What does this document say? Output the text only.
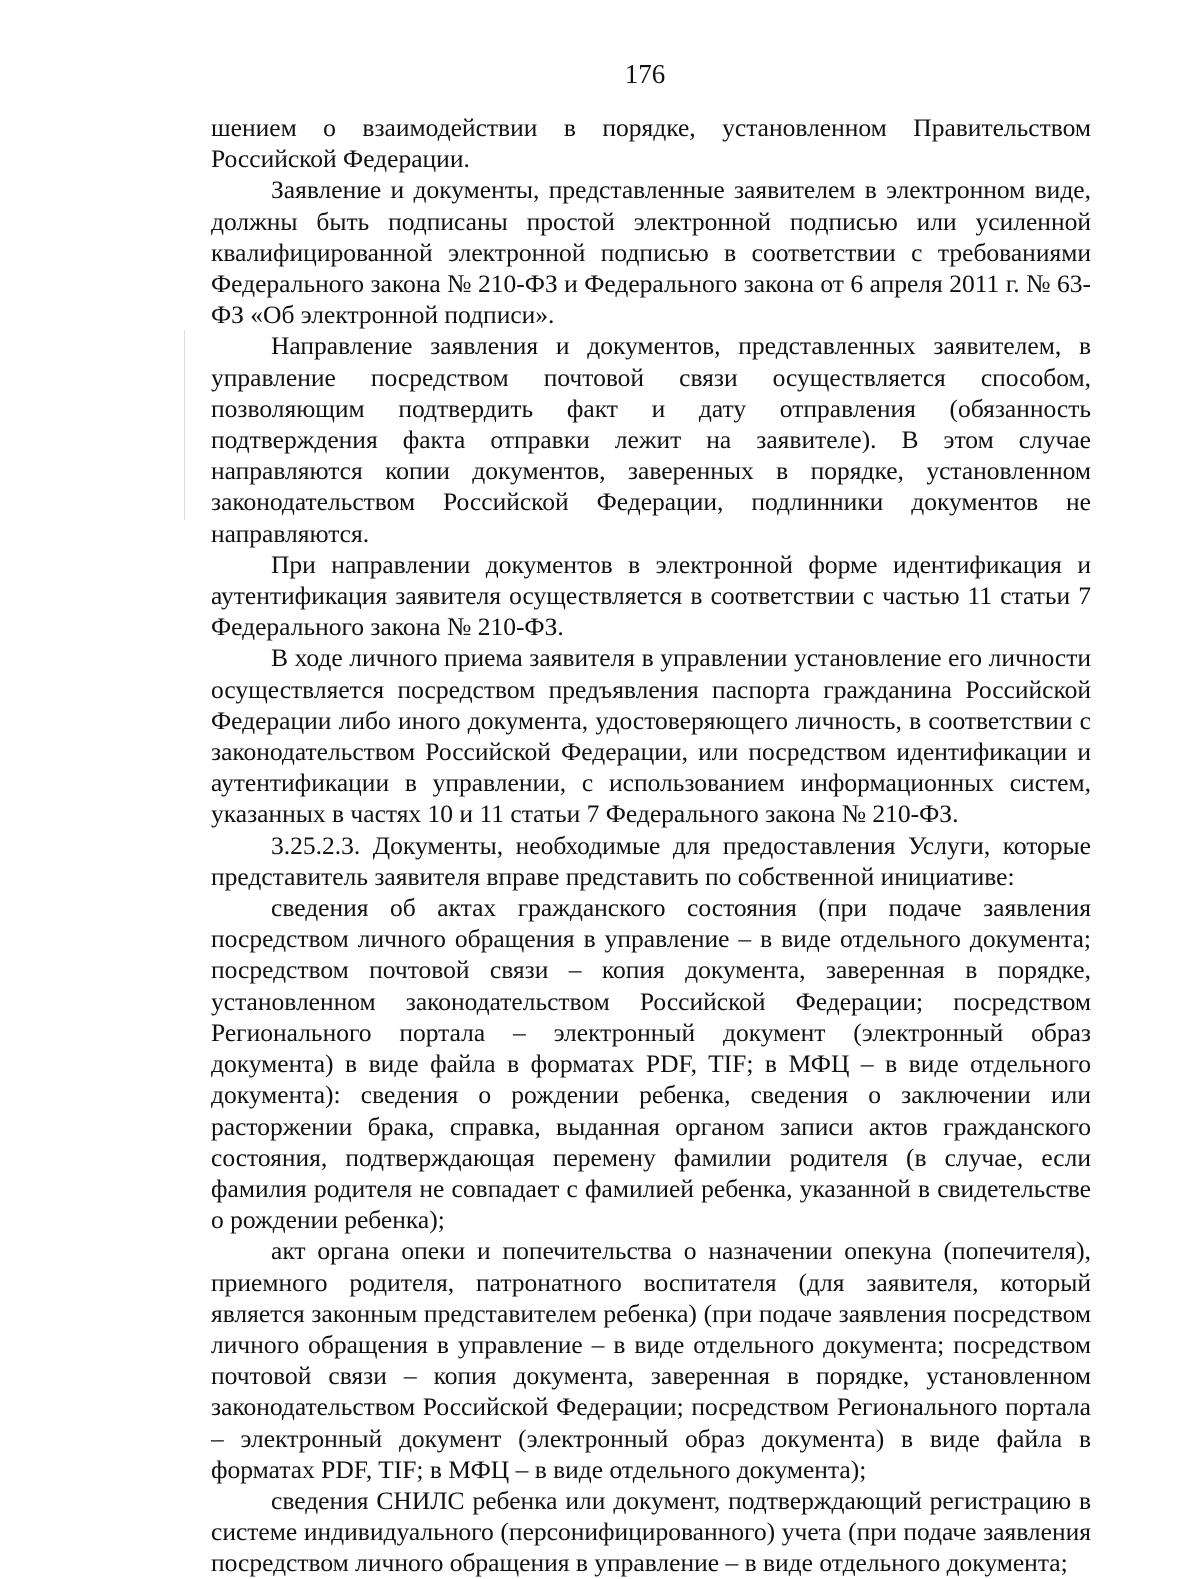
176

шением о взаимодействии в порядке, установленном Правительством Российской Федерации.

Заявление и документы, представленные заявителем в электронном виде, должны быть подписаны простой электронной подписью или усиленной квалифицированной электронной подписью в соответствии с требованиями Федерального закона № 210-ФЗ и Федерального закона от 6 апреля 2011 г. № 63-ФЗ «Об электронной подписи».

Направление заявления и документов, представленных заявителем, в управление посредством почтовой связи осуществляется способом, позволяющим подтвердить факт и дату отправления (обязанность подтверждения факта отправки лежит на заявителе). В этом случае направляются копии документов, заверенных в порядке, установленном законодательством Российской Федерации, подлинники документов не направляются.

При направлении документов в электронной форме идентификация и аутентификация заявителя осуществляется в соответствии с частью 11 статьи 7 Федерального закона № 210-ФЗ.

В ходе личного приема заявителя в управлении установление его личности осуществляется посредством предъявления паспорта гражданина Российской Федерации либо иного документа, удостоверяющего личность, в соответствии с законодательством Российской Федерации, или посредством идентификации и аутентификации в управлении, с использованием информационных систем, указанных в частях 10 и 11 статьи 7 Федерального закона № 210-ФЗ.

3.25.2.3. Документы, необходимые для предоставления Услуги, которые представитель заявителя вправе представить по собственной инициативе:

сведения об актах гражданского состояния (при подаче заявления посредством личного обращения в управление – в виде отдельного документа; посредством почтовой связи – копия документа, заверенная в порядке, установленном законодательством Российской Федерации; посредством Регионального портала – электронный документ (электронный образ документа) в виде файла в форматах PDF, TIF; в МФЦ – в виде отдельного документа): сведения о рождении ребенка, сведения о заключении или расторжении брака, справка, выданная органом записи актов гражданского состояния, подтверждающая перемену фамилии родителя (в случае, если фамилия родителя не совпадает с фамилией ребенка, указанной в свидетельстве о рождении ребенка);

акт органа опеки и попечительства о назначении опекуна (попечителя), приемного родителя, патронатного воспитателя (для заявителя, который является законным представителем ребенка) (при подаче заявления посредством личного обращения в управление – в виде отдельного документа; посредством почтовой связи – копия документа, заверенная в порядке, установленном законодательством Российской Федерации; посредством Регионального портала – электронный документ (электронный образ документа) в виде файла в форматах PDF, TIF; в МФЦ – в виде отдельного документа);

сведения СНИЛС ребенка или документ, подтверждающий регистрацию в системе индивидуального (персонифицированного) учета (при подаче заявления посредством личного обращения в управление – в виде отдельного документа;
